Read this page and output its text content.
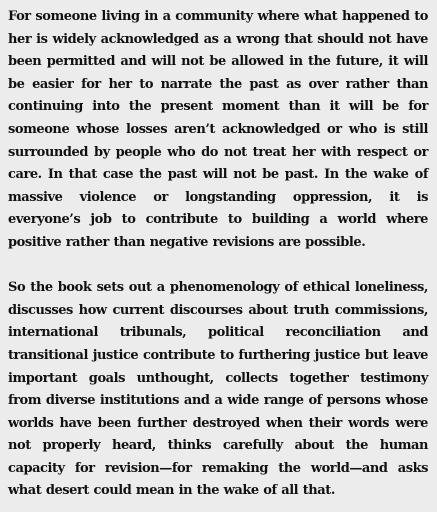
For someone living in a community where what happened to her is widely acknowledged as a wrong that should not have been permitted and will not be allowed in the future, it will be easier for her to narrate the past as over rather than continuing into the present moment than it will be for someone whose losses aren’t acknowledged or who is still surrounded by people who do not treat her with respect or care. In that case the past will not be past. In the wake of massive violence or longstanding oppression, it is everyone’s job to contribute to building a world where positive rather than negative revisions are possible.

So the book sets out a phenomenology of ethical loneliness, discusses how current discourses about truth commissions, international tribunals, political reconciliation and transitional justice contribute to furthering justice but leave important goals unthought, collects together testimony from diverse institutions and a wide range of persons whose worlds have been further destroyed when their words were not properly heard, thinks carefully about the human capacity for revision—for remaking the world—and asks what desert could mean in the wake of all that.
